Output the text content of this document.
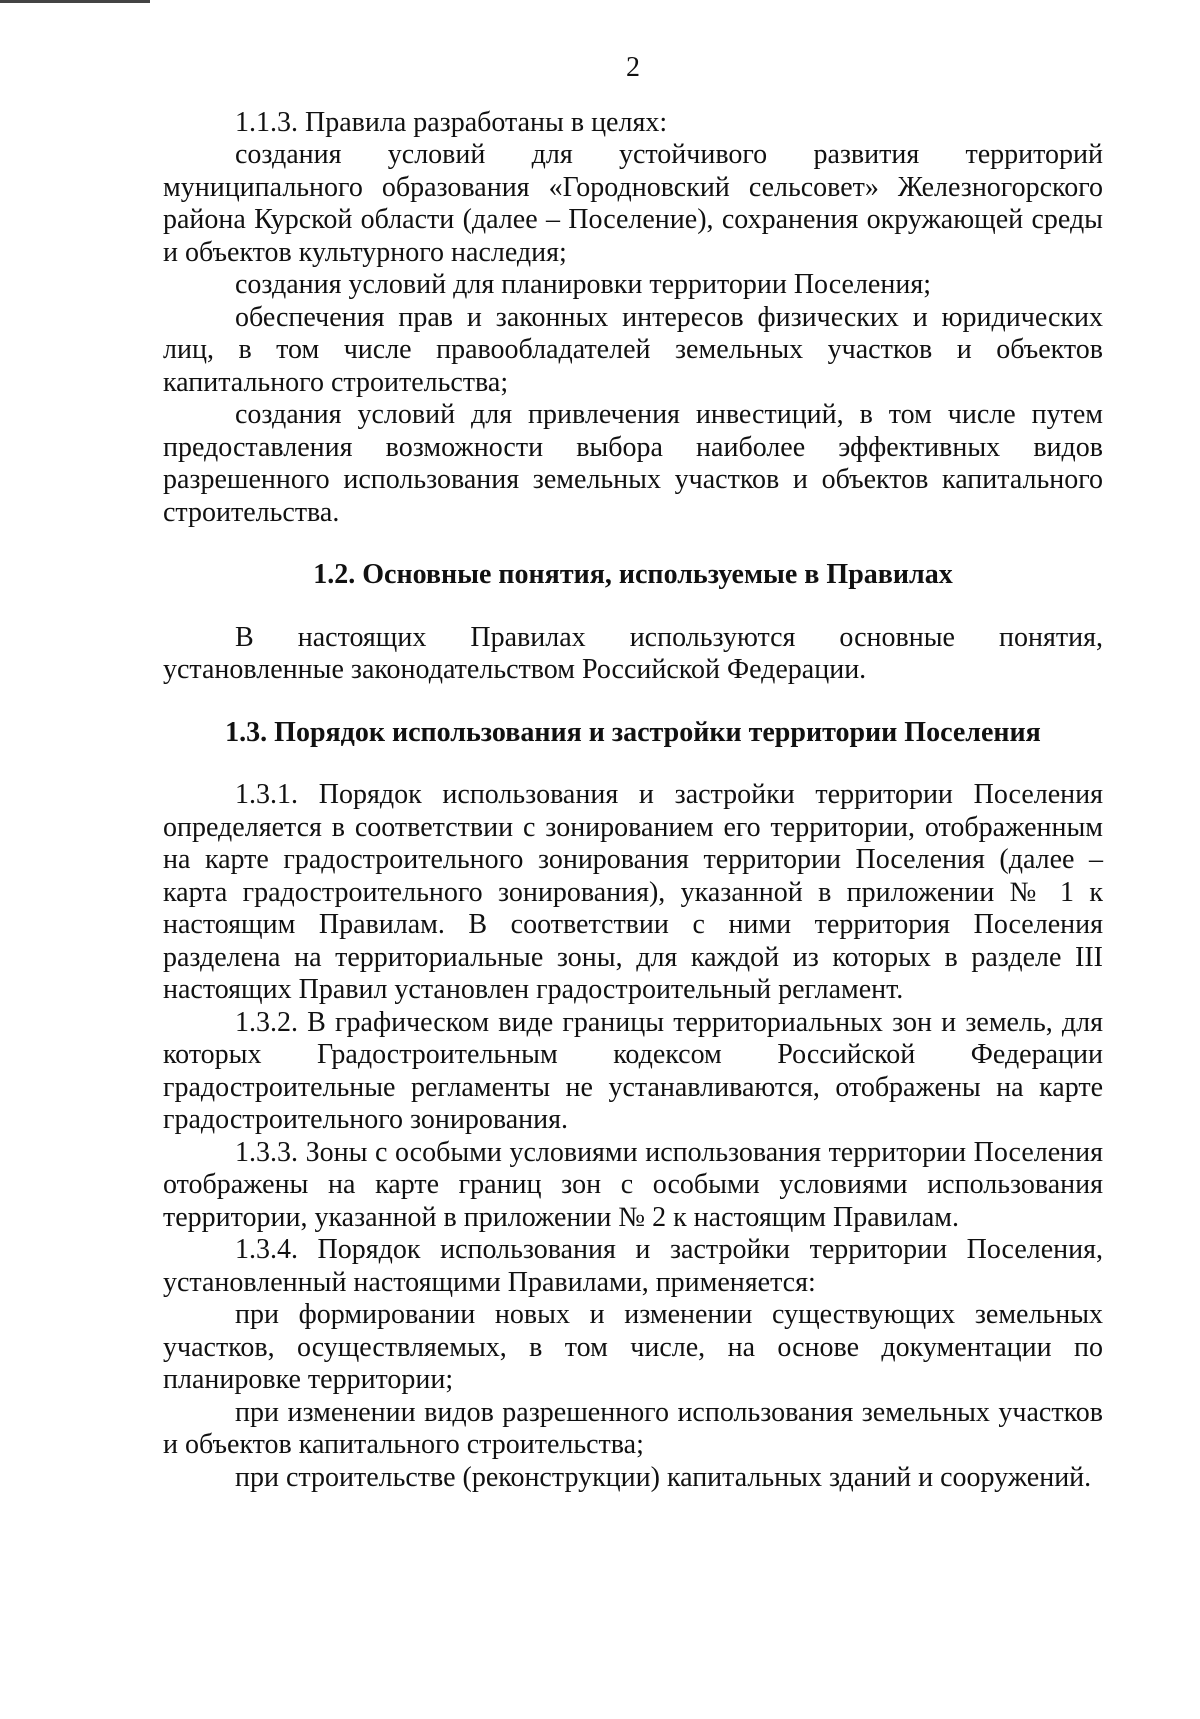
2

1.1.3. Правила разработаны в целях:

создания условий для устойчивого развития территорий муниципального образования «Городновский сельсовет» Железногорского района Курской области (далее – Поселение), сохранения окружающей среды и объектов культурного наследия;

создания условий для планировки территории Поселения;

обеспечения прав и законных интересов физических и юридических лиц, в том числе правообладателей земельных участков и объектов капитального строительства;

создания условий для привлечения инвестиций, в том числе путем предоставления возможности выбора наиболее эффективных видов разрешенного использования земельных участков и объектов капитального строительства.

1.2. Основные понятия, используемые в Правилах

В настоящих Правилах используются основные понятия, установленные законодательством Российской Федерации.

1.3. Порядок использования и застройки территории Поселения

1.3.1. Порядок использования и застройки территории Поселения определяется в соответствии с зонированием его территории, отображенным на карте градостроительного зонирования территории Поселения (далее – карта градостроительного зонирования), указанной в приложении № 1 к настоящим Правилам. В соответствии с ними территория Поселения разделена на территориальные зоны, для каждой из которых в разделе III настоящих Правил установлен градостроительный регламент.

1.3.2. В графическом виде границы территориальных зон и земель, для которых Градостроительным кодексом Российской Федерации градостроительные регламенты не устанавливаются, отображены на карте градостроительного зонирования.

1.3.3. Зоны с особыми условиями использования территории Поселения отображены на карте границ зон с особыми условиями использования территории, указанной в приложении № 2 к настоящим Правилам.

1.3.4. Порядок использования и застройки территории Поселения, установленный настоящими Правилами, применяется:

при формировании новых и изменении существующих земельных участков, осуществляемых, в том числе, на основе документации по планировке территории;

при изменении видов разрешенного использования земельных участков и объектов капитального строительства;

при строительстве (реконструкции) капитальных зданий и сооружений.
